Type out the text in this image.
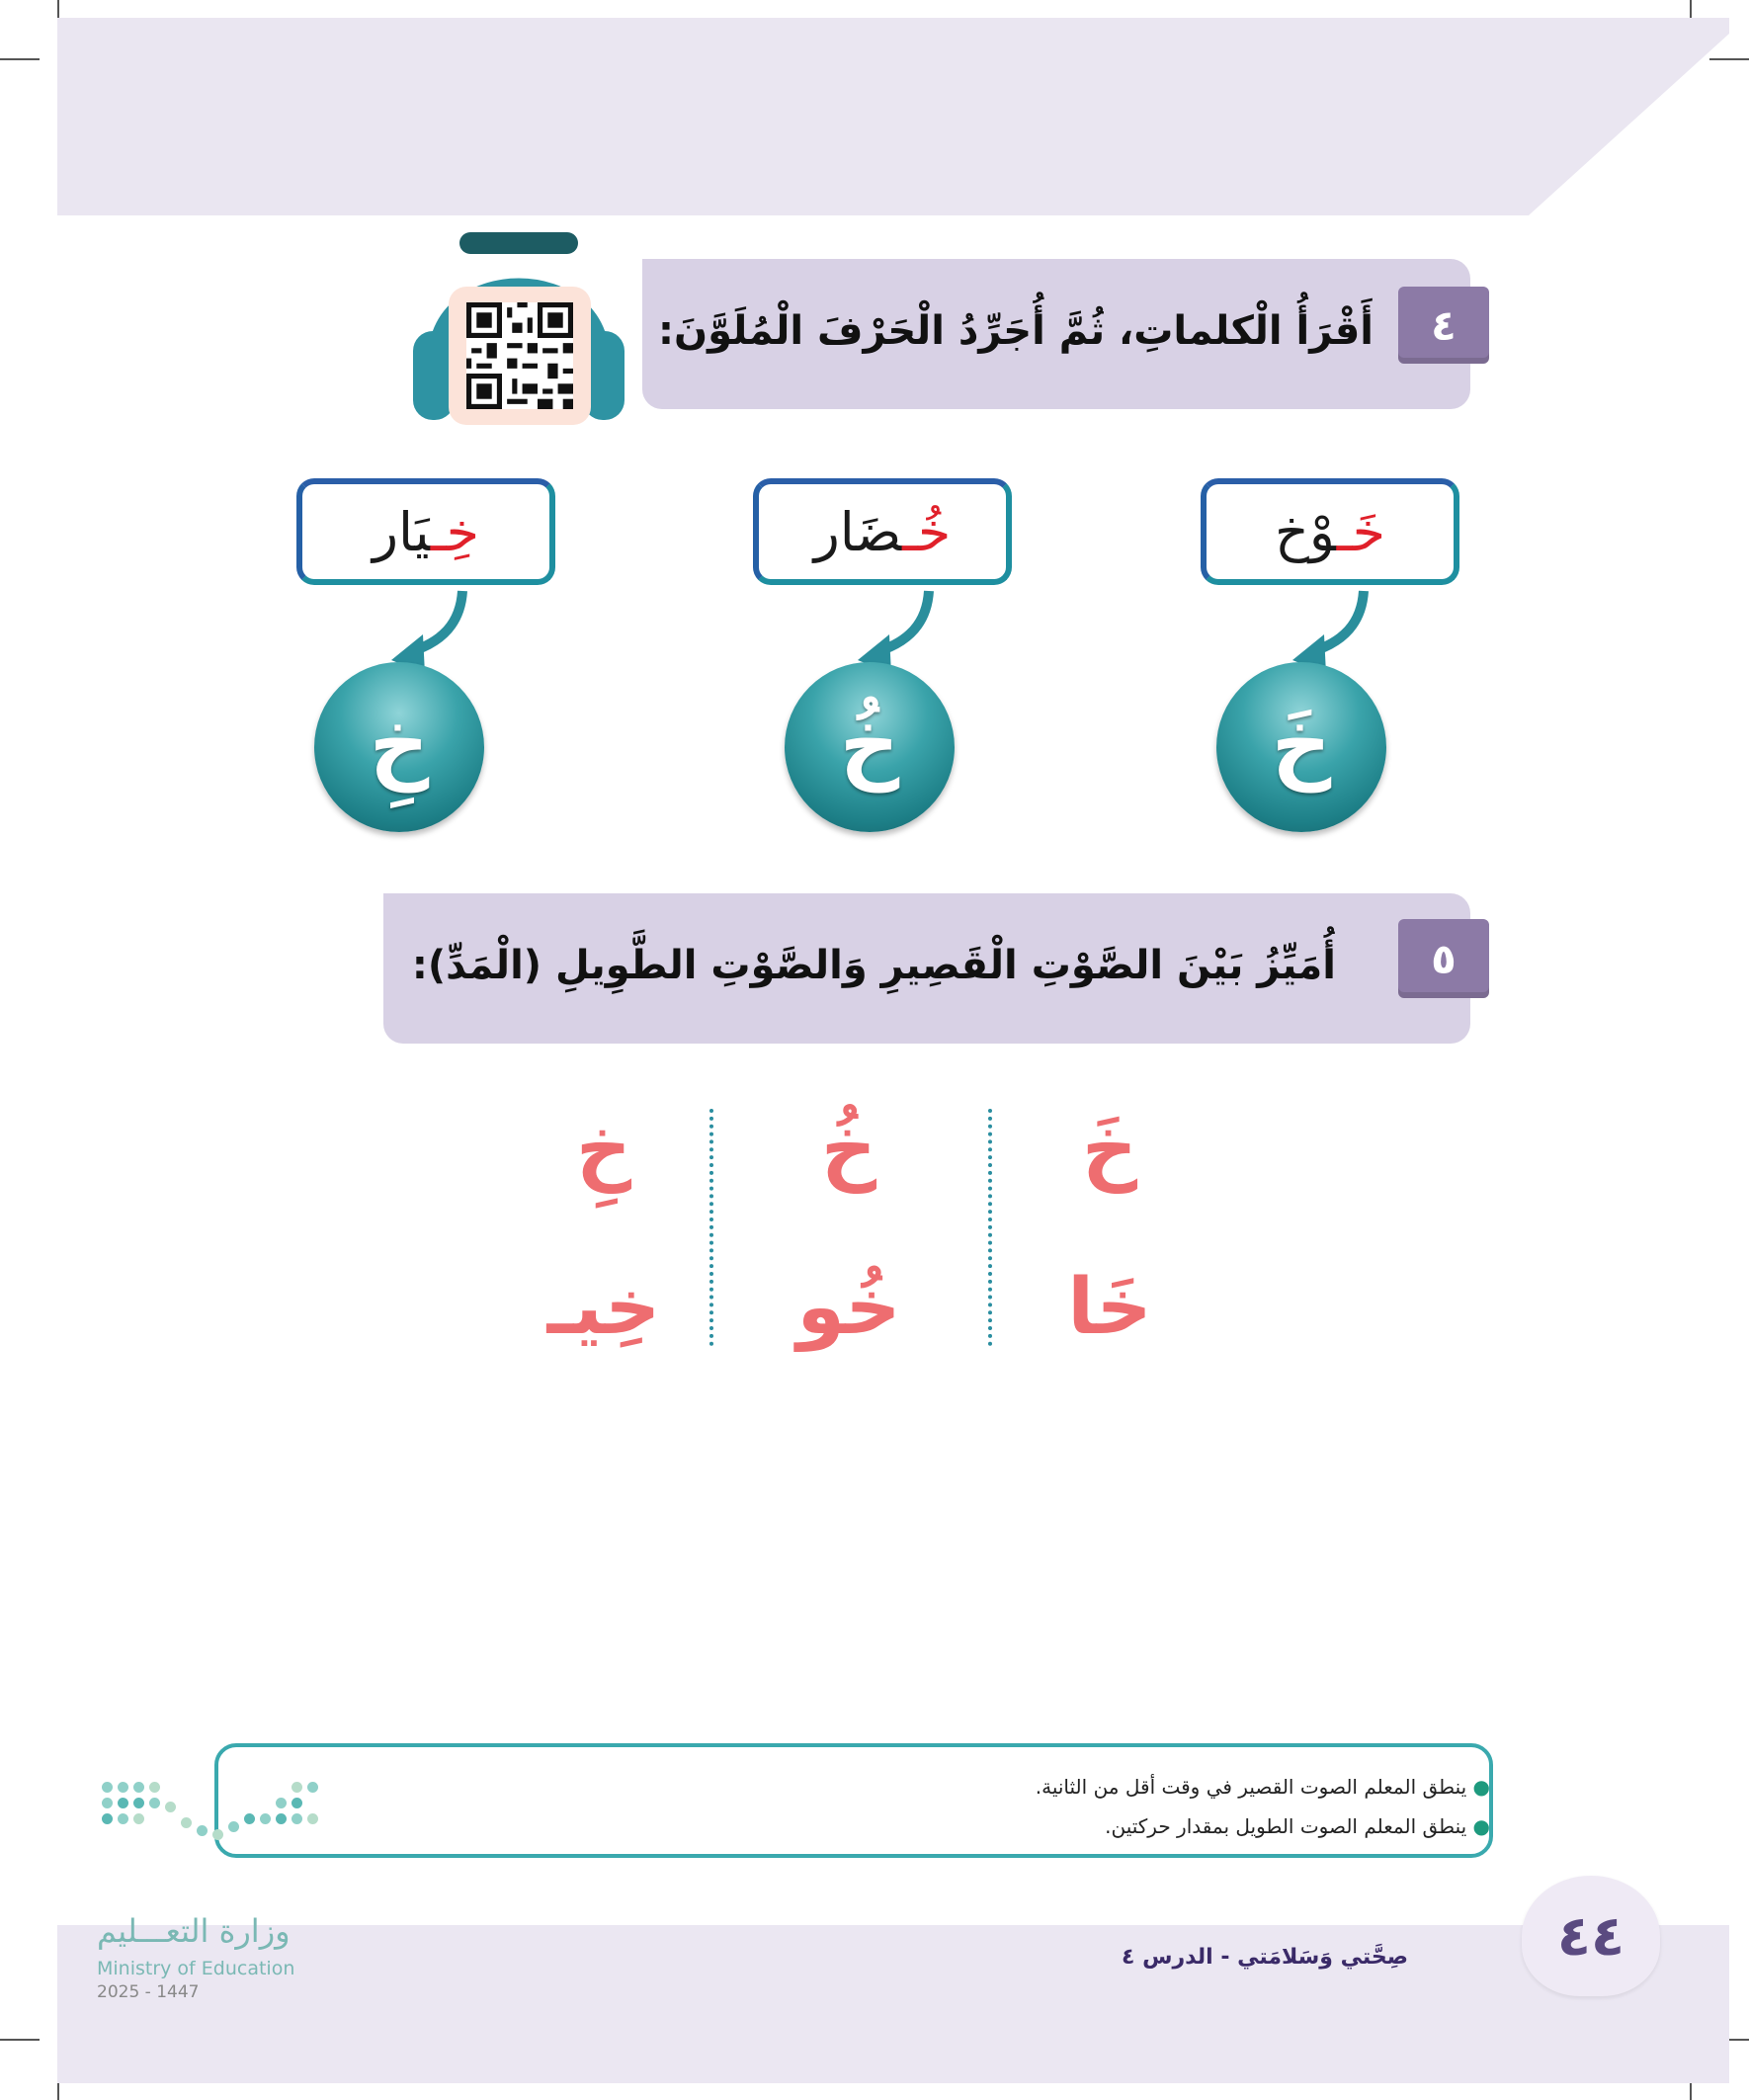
أَقْرَأُ الْكلماتِ، ثُمَّ أُجَرِّدُ الْحَرْفَ الْمُلَوَّنَ:	٤
خَـوْخ
خُـضَار
خِـيَار
خَ
خُ
خِ
أُمَيِّزُ بَيْنَ الصَّوْتِ الْقَصِيرِ وَالصَّوْتِ الطَّوِيلِ (الْمَدِّ):	٥
خَ
خَا
خُ
خُو
خِ
خِيـ
● ينطق المعلم الصوت القصير في وقت أقل من الثانية.
● ينطق المعلم الصوت الطويل بمقدار حركتين.
٤٤
صِحَّتي وَسَلامَتي - الدرس ٤
وزارة التعـــليم
Ministry of Education
2025 - 1447
